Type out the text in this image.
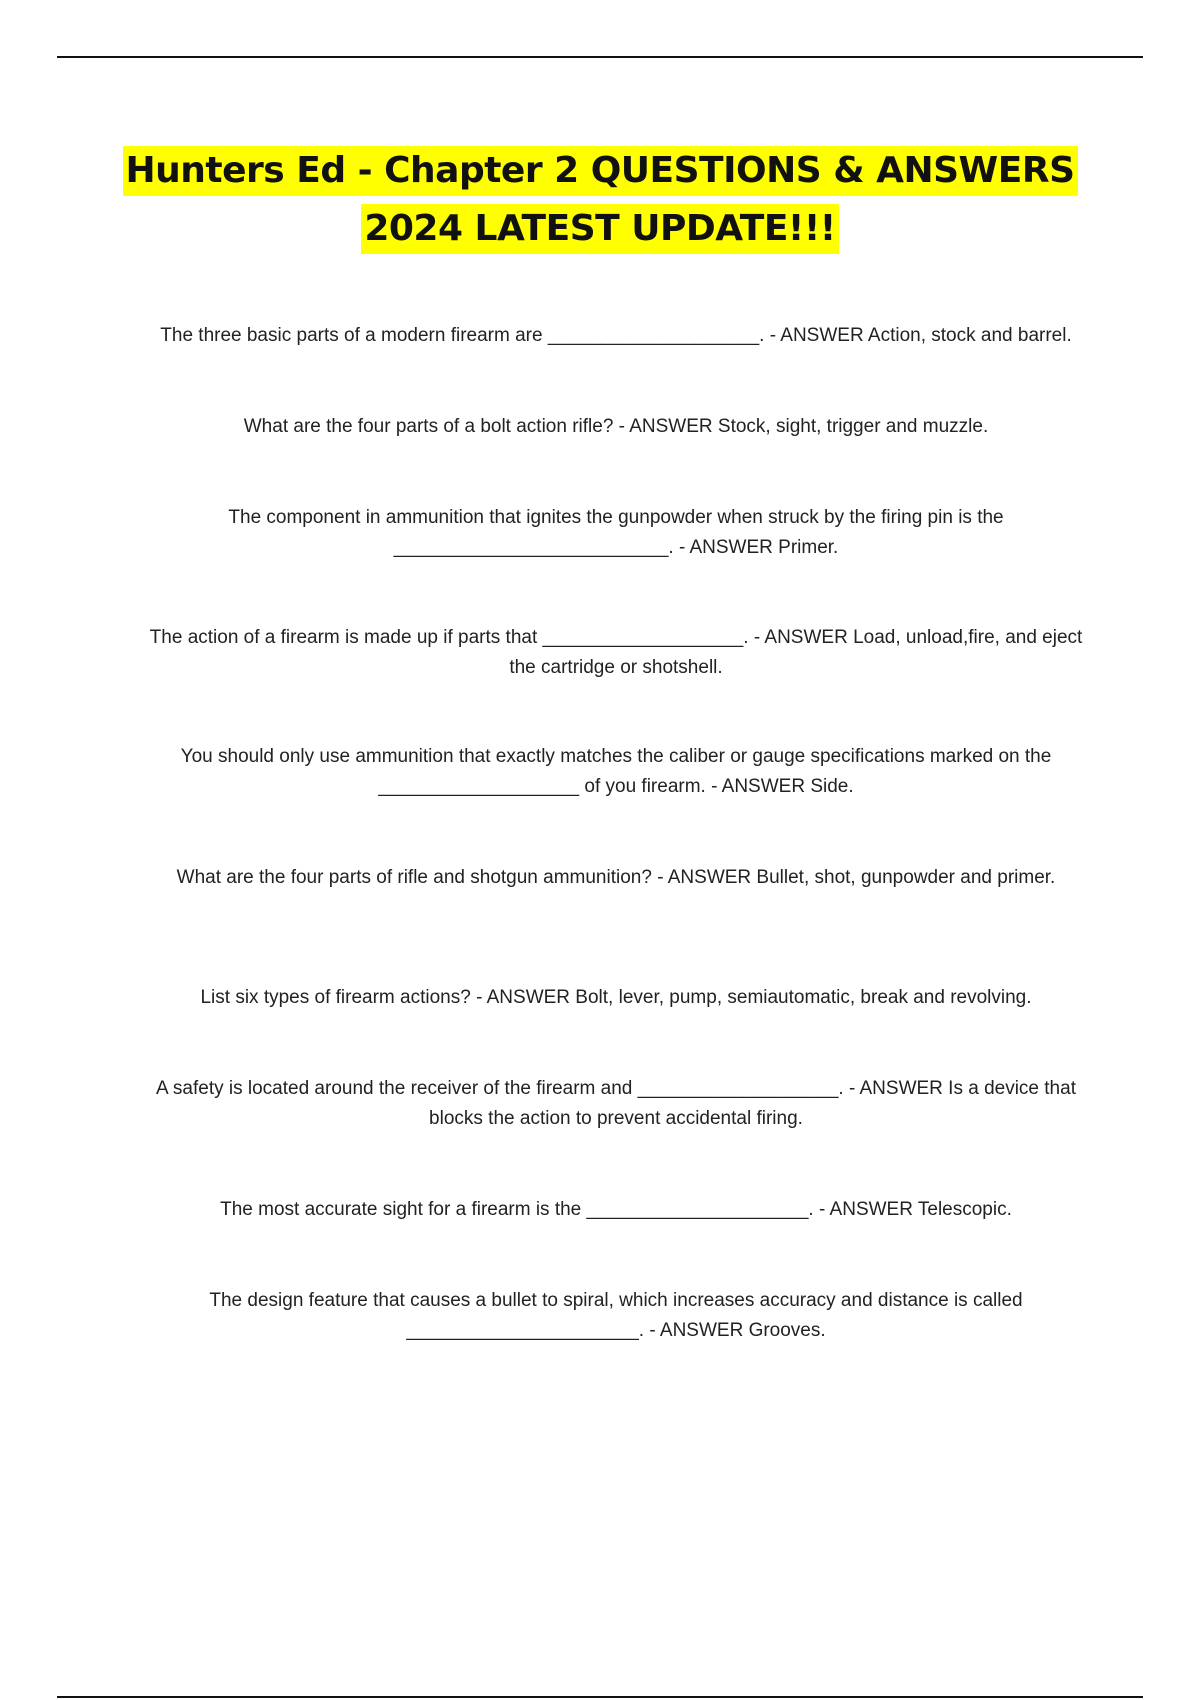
Hunters Ed - Chapter 2 QUESTIONS & ANSWERS
2024 LATEST UPDATE!!!
The three basic parts of a modern firearm are ____________________. - ANSWER Action, stock and barrel.
What are the four parts of a bolt action rifle? - ANSWER Stock, sight, trigger and muzzle.
The component in ammunition that ignites the gunpowder when struck by the firing pin is the __________________________. - ANSWER Primer.
The action of a firearm is made up if parts that ___________________. - ANSWER Load, unload,fire, and eject the cartridge or shotshell.
You should only use ammunition that exactly matches the caliber or gauge specifications marked on the ___________________ of you firearm. - ANSWER Side.
What are the four parts of rifle and shotgun ammunition? - ANSWER Bullet, shot, gunpowder and primer.
List six types of firearm actions? - ANSWER Bolt, lever, pump, semiautomatic, break and revolving.
A safety is located around the receiver of the firearm and ___________________. - ANSWER Is a device that blocks the action to prevent accidental firing.
The most accurate sight for a firearm is the _____________________. - ANSWER Telescopic.
The design feature that causes a bullet to spiral, which increases accuracy and distance is called ______________________. - ANSWER Grooves.
